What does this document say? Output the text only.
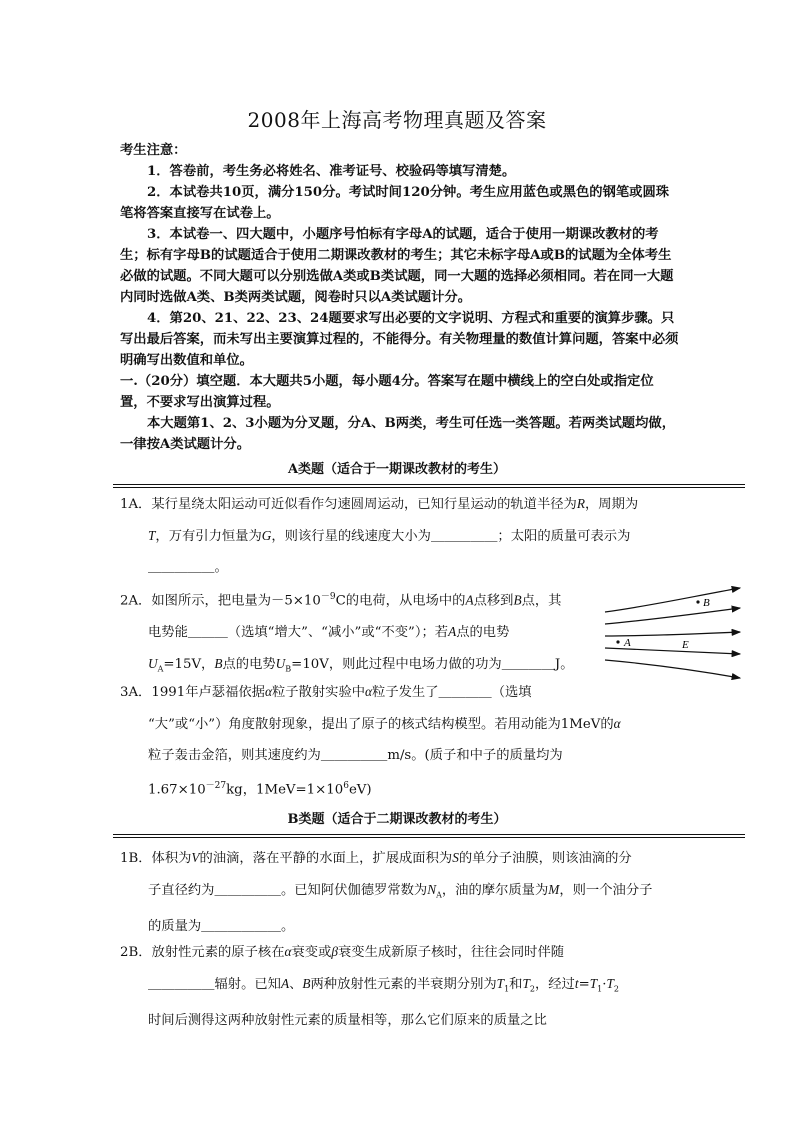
2008年上海高考物理真题及答案

考生注意：

1．答卷前，考生务必将姓名、准考证号、校验码等填写清楚。

2．本试卷共10页，满分150分。考试时间120分钟。考生应用蓝色或黑色的钢笔或圆珠笔将答案直接写在试卷上。

3．本试卷一、四大题中，小题序号怕标有字母A的试题，适合于使用一期课改教材的考生；标有字母B的试题适合于使用二期课改教材的考生；其它未标字母A或B的试题为全体考生必做的试题。不同大题可以分别选做A类或B类试题，同一大题的选择必须相同。若在同一大题　内同时选做A类、B类两类试题，阅卷时只以A类试题计分。

4．第20、21、22、23、24题要求写出必要的文字说明、方程式和重要的演算步骤。只写出最后答案，而未写出主要演算过程的，不能得分。有关物理量的数值计算问题，答案中必须明确写出数值和单位。

一.（20分）填空题．本大题共5小题，每小题4分。答案写在题中横线上的空白处或指定位置，不要求写出演算过程。

本大题第1、2、3小题为分叉题，分A、B两类，考生可任选一类答题。若两类试题均做，一律按A类试题计分。

A类题（适合于一期课改教材的考生）
1A．某行星绕太阳运动可近似看作匀速圆周运动，已知行星运动的轨道半径为R，周期为
T，万有引力恒量为G，则该行星的线速度大小为＿＿＿＿＿；太阳的质量可表示为
＿＿＿＿＿。
2A．如图所示，把电量为$-5\times 10^{-9}C$的电荷，从电场中的A点移到B点，其
电势能＿＿＿（选填“增大”、“减小”或“不变”）；若A点的电势
$U_A=15V$，B点的电势$U_B=10V$，则此过程中电场力做的功为＿＿＿＿J。
B
A	E
3A．1991年卢瑟福依据α粒子散射实验中α粒子发生了＿＿＿＿（选填
“大”或“小”）角度散射现象，提出了原子的核式结构模型。若用动能为1MeV的α
粒子轰击金箔，则其速度约为＿＿＿＿＿m/s。(质子和中子的质量均为
$1.67\times 10^{-27}kg$，$1MeV=1\times 10^6eV$)
B类题（适合于二期课改教材的考生）
1B．体积为V的油滴，落在平静的水面上，扩展成面积为S的单分子油膜，则该油滴的分
子直径约为＿＿＿＿＿。已知阿伏伽德罗常数为$N_A$，油的摩尔质量为M，则一个油分子
的质量为＿＿＿＿＿＿。
2B．放射性元素的原子核在α衰变或β衰变生成新原子核时，往往会同时伴随
＿＿＿＿＿辐射。已知A、B两种放射性元素的半衰期分别为$T_1$和$T_2$，经过$t=T_1\cdot T_2$
时间后测得这两种放射性元素的质量相等，那么它们原来的质量之比
